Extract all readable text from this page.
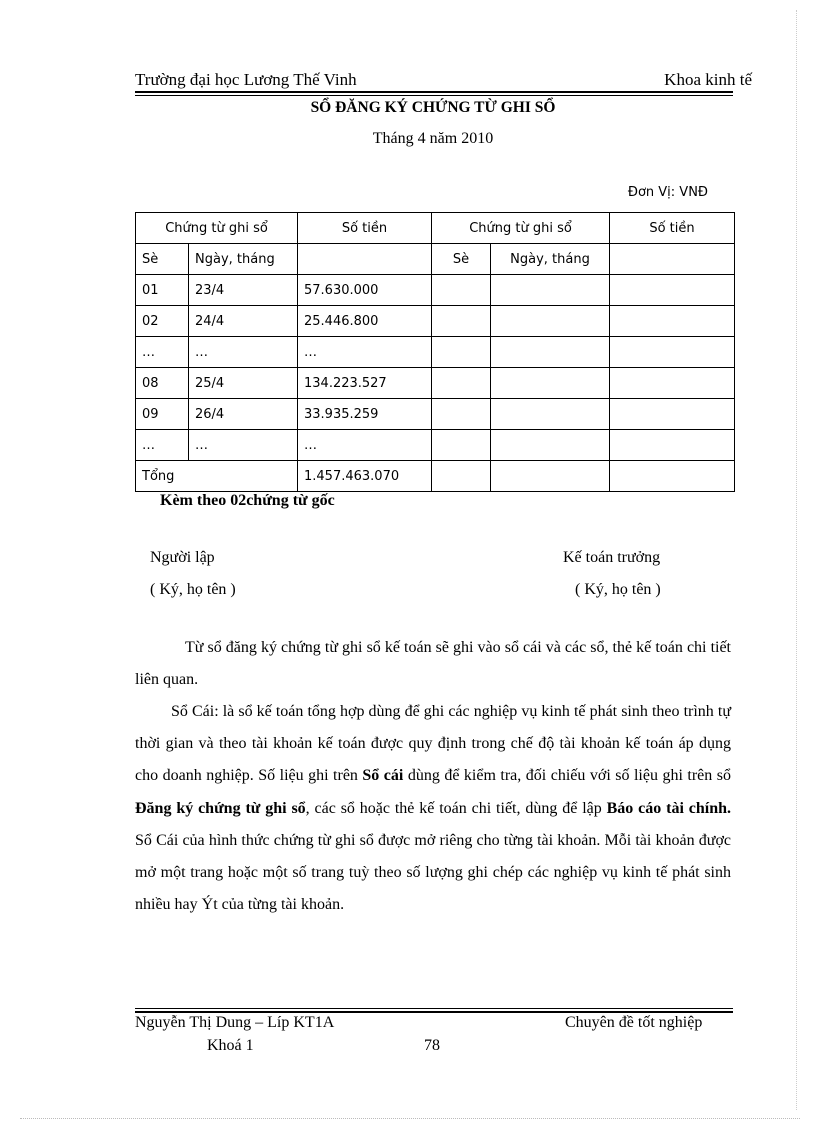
Trường đại học Lương Thế Vinh	Khoa kinh tế
SỔ ĐĂNG KÝ CHỨNG TỪ GHI SỔ
Tháng 4 năm 2010
Đơn Vị: VNĐ
Chứng từ ghi sổ		Số tiền	Chứng từ ghi sổ		Số tiền
Sè	Ngày, tháng		Sè	Ngày, tháng	
01	23/4	57.630.000			
02	24/4	25.446.800			
…	…	…			
08	25/4	134.223.527			
09	26/4	33.935.259			
…	…	…			
Tổng		1.457.463.070			
Kèm theo 02chứng từ gốc
Người lập
( Ký, họ tên )
Kế toán trưởng
( Ký, họ tên )
Từ sổ đăng ký chứng từ ghi sổ kế toán sẽ ghi vào sổ cái và các sổ, thẻ kế toán chi tiết liên quan.
Sổ Cái: là sổ kế toán tổng hợp dùng để ghi các nghiệp vụ kinh tế phát sinh theo trình tự thời gian và theo tài khoản kế toán được quy định trong chế độ tài khoản kế toán áp dụng cho doanh nghiệp. Số liệu ghi trên Sổ cái dùng để kiểm tra, đối chiếu với số liệu ghi trên sổ Đăng ký chứng từ ghi sổ, các sổ hoặc thẻ kế toán chi tiết, dùng để lập Báo cáo tài chính. Sổ Cái của hình thức chứng từ ghi sổ được mở riêng cho từng tài khoản. Mỗi tài khoản được mở một trang hoặc một số trang tuỳ theo số lượng ghi chép các nghiệp vụ kinh tế phát sinh nhiều hay Ýt của từng tài khoản.
Nguyễn Thị Dung – Líp KT1A	Chuyên đề tốt nghiệp
Khoá 1	78
